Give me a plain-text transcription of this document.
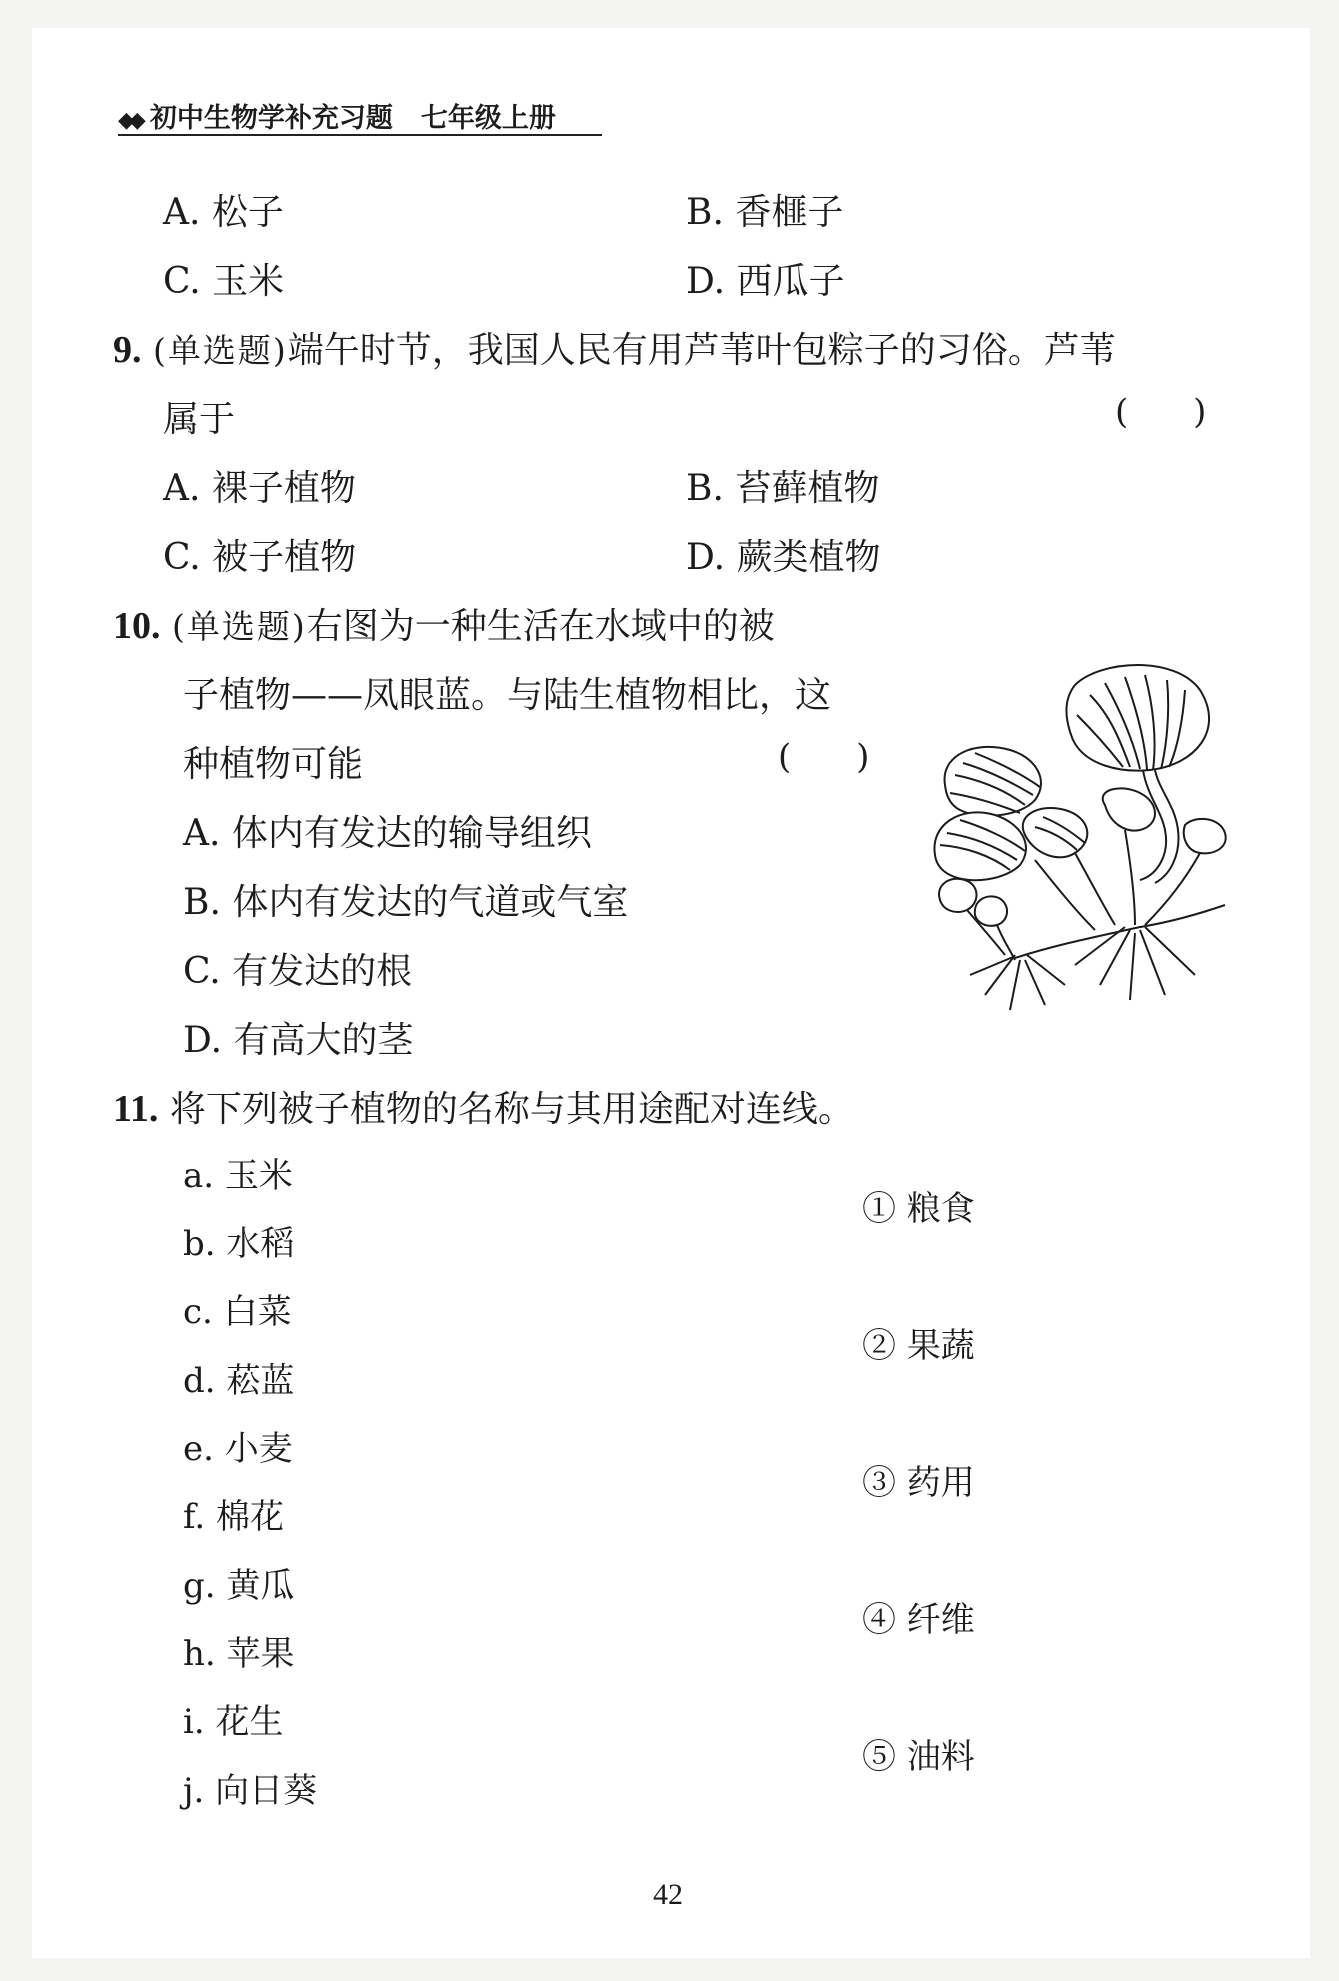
◆◆ 初中生物学补充习题 七年级上册
A. 松子	B. 香榧子
C. 玉米	D. 西瓜子
9. (单选题)端午时节，我国人民有用芦苇叶包粽子的习俗。芦苇
属于	(      )
A. 裸子植物	B. 苔藓植物
C. 被子植物	D. 蕨类植物
10. (单选题)右图为一种生活在水域中的被
子植物——凤眼蓝。与陆生植物相比，这
种植物可能	(      )
A. 体内有发达的输导组织
B. 体内有发达的气道或气室
C. 有发达的根
D. 有高大的茎
11. 将下列被子植物的名称与其用途配对连线。
a. 玉米
b. 水稻
c. 白菜
d. 菘蓝
e. 小麦
f. 棉花
g. 黄瓜
h. 苹果
i. 花生
j. 向日葵
① 粮食
② 果蔬
③ 药用
④ 纤维
⑤ 油料
42
